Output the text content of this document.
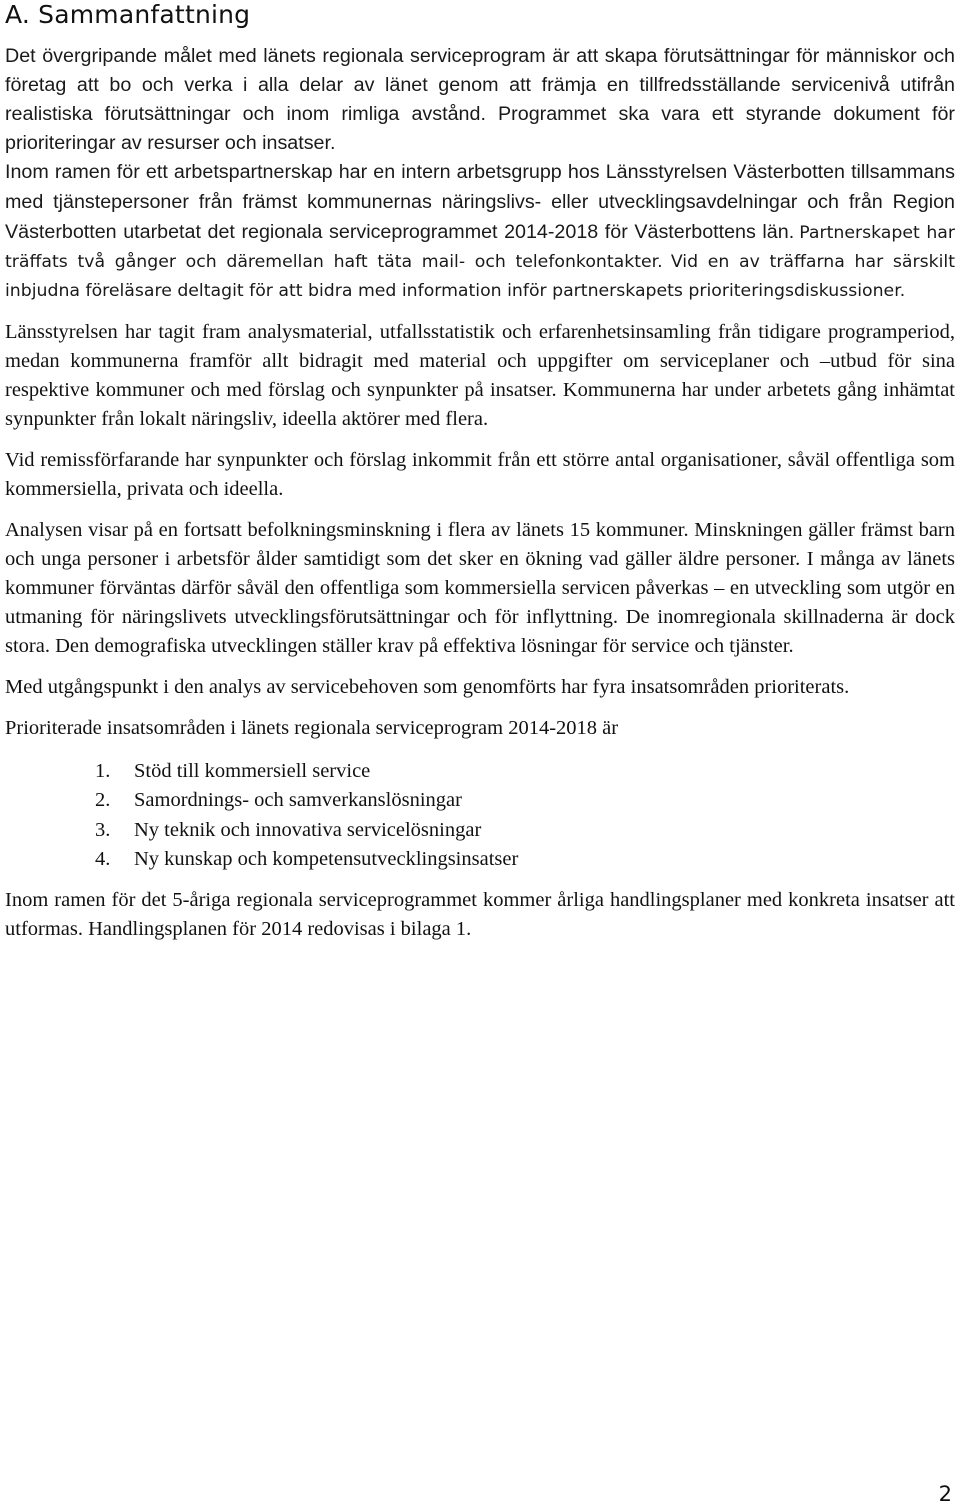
A. Sammanfattning

Det övergripande målet med länets regionala serviceprogram är att skapa förutsättningar för människor och företag att bo och verka i alla delar av länet genom att främja en tillfredsställande servicenivå utifrån realistiska förutsättningar och inom rimliga avstånd. Programmet ska vara ett styrande dokument för prioriteringar av resurser och insatser.

Inom ramen för ett arbetspartnerskap har en intern arbetsgrupp hos Länsstyrelsen Västerbotten tillsammans med tjänstepersoner från främst kommunernas näringslivs- eller utvecklingsavdelningar och från Region Västerbotten utarbetat det regionala serviceprogrammet 2014-2018 för Västerbottens län. Partnerskapet har träffats två gånger och däremellan haft täta mail- och telefonkontakter. Vid en av träffarna har särskilt inbjudna föreläsare deltagit för att bidra med information inför partnerskapets prioriteringsdiskussioner.

Länsstyrelsen har tagit fram analysmaterial, utfallsstatistik och erfarenhetsinsamling från tidigare programperiod, medan kommunerna framför allt bidragit med material och uppgifter om serviceplaner och –utbud för sina respektive kommuner och med förslag och synpunkter på insatser. Kommunerna har under arbetets gång inhämtat synpunkter från lokalt näringsliv, ideella aktörer med flera.

Vid remissförfarande har synpunkter och förslag inkommit från ett större antal organisationer, såväl offentliga som kommersiella, privata och ideella.

Analysen visar på en fortsatt befolkningsminskning i flera av länets 15 kommuner. Minskningen gäller främst barn och unga personer i arbetsför ålder samtidigt som det sker en ökning vad gäller äldre personer. I många av länets kommuner förväntas därför såväl den offentliga som kommersiella servicen påverkas – en utveckling som utgör en utmaning för näringslivets utvecklingsförutsättningar och för inflyttning. De inomregionala skillnaderna är dock stora. Den demografiska utvecklingen ställer krav på effektiva lösningar för service och tjänster.

Med utgångspunkt i den analys av servicebehoven som genomförts har fyra insatsområden prioriterats.

Prioriterade insatsområden i länets regionala serviceprogram 2014-2018 är

1. Stöd till kommersiell service
2. Samordnings- och samverkanslösningar
3. Ny teknik och innovativa servicelösningar
4. Ny kunskap och kompetensutvecklingsinsatser

Inom ramen för det 5-åriga regionala serviceprogrammet kommer årliga handlingsplaner med konkreta insatser att utformas. Handlingsplanen för 2014 redovisas i bilaga 1.

2
